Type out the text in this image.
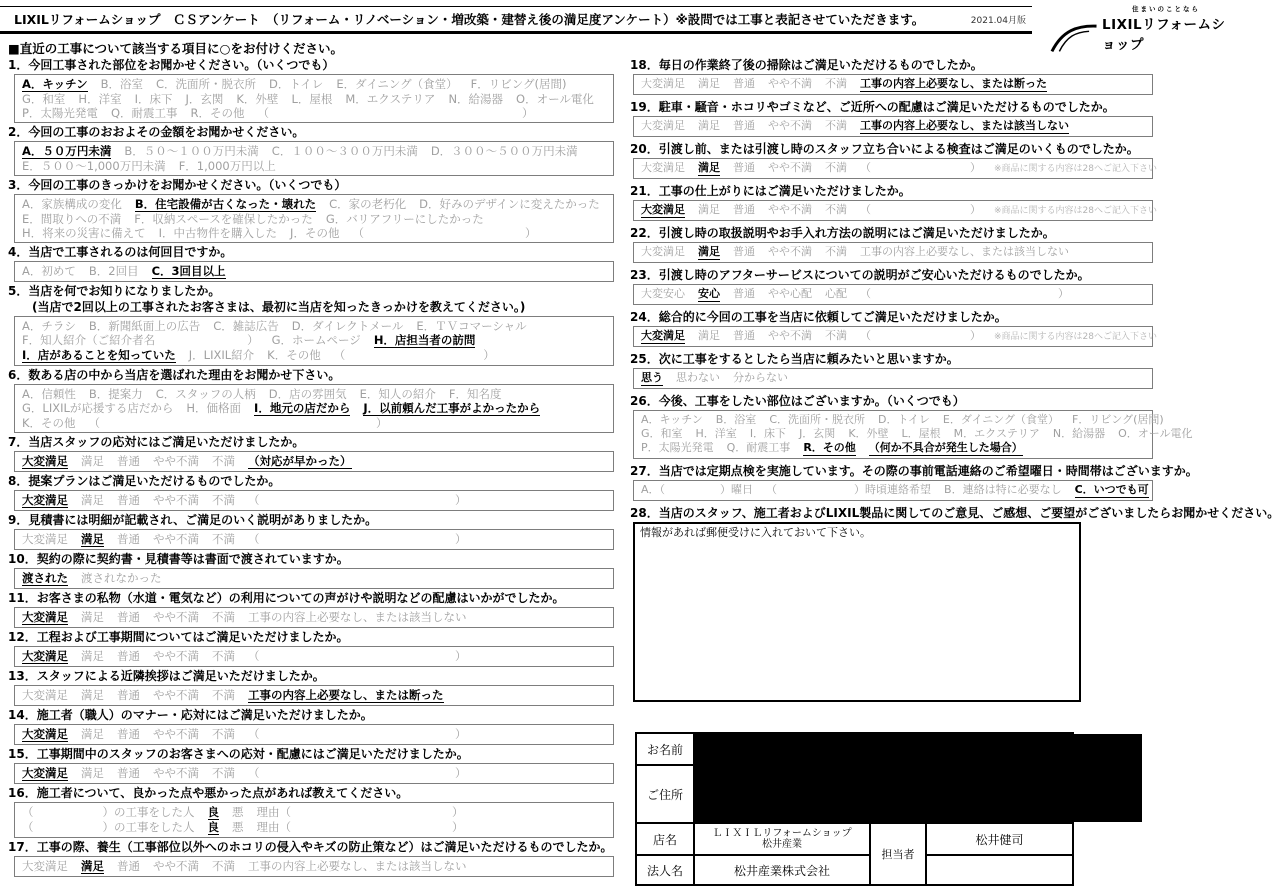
LIXILリフォームショップ　ＣＳアンケート　（リフォーム・リノベーション・増改築・建替え後の満足度アンケート）※設問では工事と表記させていただきます。	2021.04月版
住まいのことなら
LIXILリフォームショップ
■直近の工事について該当する項目に○をお付けください。
1．今回工事された部位をお聞かせください。（いくつでも）
A．キッチン B．浴室 C．洗面所・脱衣所 D．トイレ E．ダイニング（食堂） F．リビング(居間)
G．和室 H．洋室 I．床下 J．玄関 K．外壁 L．屋根 M．エクステリア N．給湯器 O．オール電化
P．太陽光発電 Q．耐震工事 R．その他 （　　　　　　　　　　　　　　　　　　　　　　）
2．今回の工事のおおよその金額をお聞かせください。
A．５０万円未満 B．５０～１００万円未満 C．１００～３００万円未満 D．３００～５００万円未満
E．５００～1,000万円未満 F．1,000万円以上
3．今回の工事のきっかけをお聞かせください。（いくつでも）
A．家族構成の変化 B．住宅設備が古くなった・壊れた C．家の老朽化 D．好みのデザインに変えたかった
E．間取りへの不満 F．収納スペースを確保したかった G．バリアフリーにしたかった
H．将来の災害に備えて I．中古物件を購入した J．その他 （　　　　　　　　　　　　　　）
4．当店で工事されるのは何回目ですか。
A．初めて B．2回目 C．3回目以上
5．当店を何でお知りになりましたか。
(当店で2回以上の工事されたお客さまは、最初に当店を知ったきっかけを教えてください。)
A．チラシ B．新聞紙面上の広告 C．雑誌広告 D．ダイレクトメール E．ＴＶコマーシャル
F．知人紹介（ご紹介者名　　　　　　　　） G．ホームページ H．店担当者の訪問
I．店があることを知っていた J．LIXIL紹介 K．その他 （　　　　　　　　　　　　）
6．数ある店の中から当店を選ばれた理由をお聞かせ下さい。
A．信頼性 B．提案力 C．スタッフの人柄 D．店の雰囲気 E．知人の紹介 F．知名度
G．LIXILが応援する店だから H．価格面 I．地元の店だから J．以前頼んだ工事がよかったから
K．その他 （　　　　　　　　　　　　　　　　　　　　　　　　）
7．当店スタッフの応対にはご満足いただけましたか。
大変満足 満足 普通 やや不満 不満 （対応が早かった）
8．提案プランはご満足いただけるものでしたか。
大変満足 満足 普通 やや不満 不満 （　　　　　　　　　　　　　　　　　）
9．見積書には明細が記載され、ご満足のいく説明がありましたか。
大変満足 満足 普通 やや不満 不満 （　　　　　　　　　　　　　　　　　）
10．契約の際に契約書・見積書等は書面で渡されていますか。
渡された 渡されなかった
11．お客さまの私物（水道・電気など）の利用についての声がけや説明などの配慮はいかがでしたか。
大変満足 満足 普通 やや不満 不満 工事の内容上必要なし、または該当しない
12．工程および工事期間についてはご満足いただけましたか。
大変満足 満足 普通 やや不満 不満 （　　　　　　　　　　　　　　　　　）
13．スタッフによる近隣挨拶はご満足いただけましたか。
大変満足 満足 普通 やや不満 不満 工事の内容上必要なし、または断った
14．施工者（職人）のマナー・応対にはご満足いただけましたか。
大変満足 満足 普通 やや不満 不満 （　　　　　　　　　　　　　　　　　）
15．工事期間中のスタッフのお客さまへの応対・配慮にはご満足いただけましたか。
大変満足 満足 普通 やや不満 不満 （　　　　　　　　　　　　　　　　　）
16．施工者について、良かった点や悪かった点があれば教えてください。
（　　　　　　）の工事をした人 良 悪 理由（　　　　　　　　　　　　　　）
（　　　　　　）の工事をした人 良 悪 理由（　　　　　　　　　　　　　　）
17．工事の際、養生（工事部位以外へのホコリの侵入やキズの防止策など）はご満足いただけるものでしたか。
大変満足 満足 普通 やや不満 不満 工事の内容上必要なし、または該当しない
18．毎日の作業終了後の掃除はご満足いただけるものでしたか。
大変満足 満足 普通 やや不満 不満 工事の内容上必要なし、または断った
19．駐車・騒音・ホコリやゴミなど、ご近所への配慮はご満足いただけるものでしたか。
大変満足 満足 普通 やや不満 不満 工事の内容上必要なし、または該当しない
20．引渡し前、または引渡し時のスタッフ立ち合いによる検査はご満足のいくものでしたか。
大変満足 満足 普通 やや不満 不満 （　　　　　　　　　） ※商品に関する内容は28へご記入下さい
21．工事の仕上がりにはご満足いただけましたか。
大変満足 満足 普通 やや不満 不満 （　　　　　　　　　） ※商品に関する内容は28へご記入下さい
22．引渡し時の取扱説明やお手入れ方法の説明にはご満足いただけましたか。
大変満足 満足 普通 やや不満 不満 工事の内容上必要なし、または該当しない
23．引渡し時のアフターサービスについての説明がご安心いただけるものでしたか。
大変安心 安心 普通 やや心配 心配 （　　　　　　　　　　　　　　　　　）
24．総合的に今回の工事を当店に依頼してご満足いただけましたか。
大変満足 満足 普通 やや不満 不満 （　　　　　　　　　） ※商品に関する内容は28へご記入下さい
25．次に工事をするとしたら当店に頼みたいと思いますか。
思う 思わない 分からない
26．今後、工事をしたい部位はございますか。（いくつでも）
A．キッチン B．浴室 C．洗面所・脱衣所 D．トイレ E．ダイニング（食堂） F．リビング(居間)
G．和室 H．洋室 I．床下 J．玄関 K．外壁 L．屋根 M．エクステリア N．給湯器 O．オール電化
P．太陽光発電 Q．耐震工事 R．その他 （何か不具合が発生した場合）
27．当店では定期点検を実施しています。その際の事前電話連絡のご希望曜日・時間帯はございますか。
A．（　　　　　）曜日 （　　　　　　　）時頃連絡希望 B．連絡は特に必要なし C．いつでも可
28．当店のスタッフ、施工者およびLIXIL製品に関してのご意見、ご感想、ご要望がございましたらお聞かせください。
情報があれば郵便受けに入れておいて下さい。
お名前
ご住所
店名
法人名
ＬＩＸＩＬリフォームショップ
松井産業
松井産業株式会社
担当者
松井健司
